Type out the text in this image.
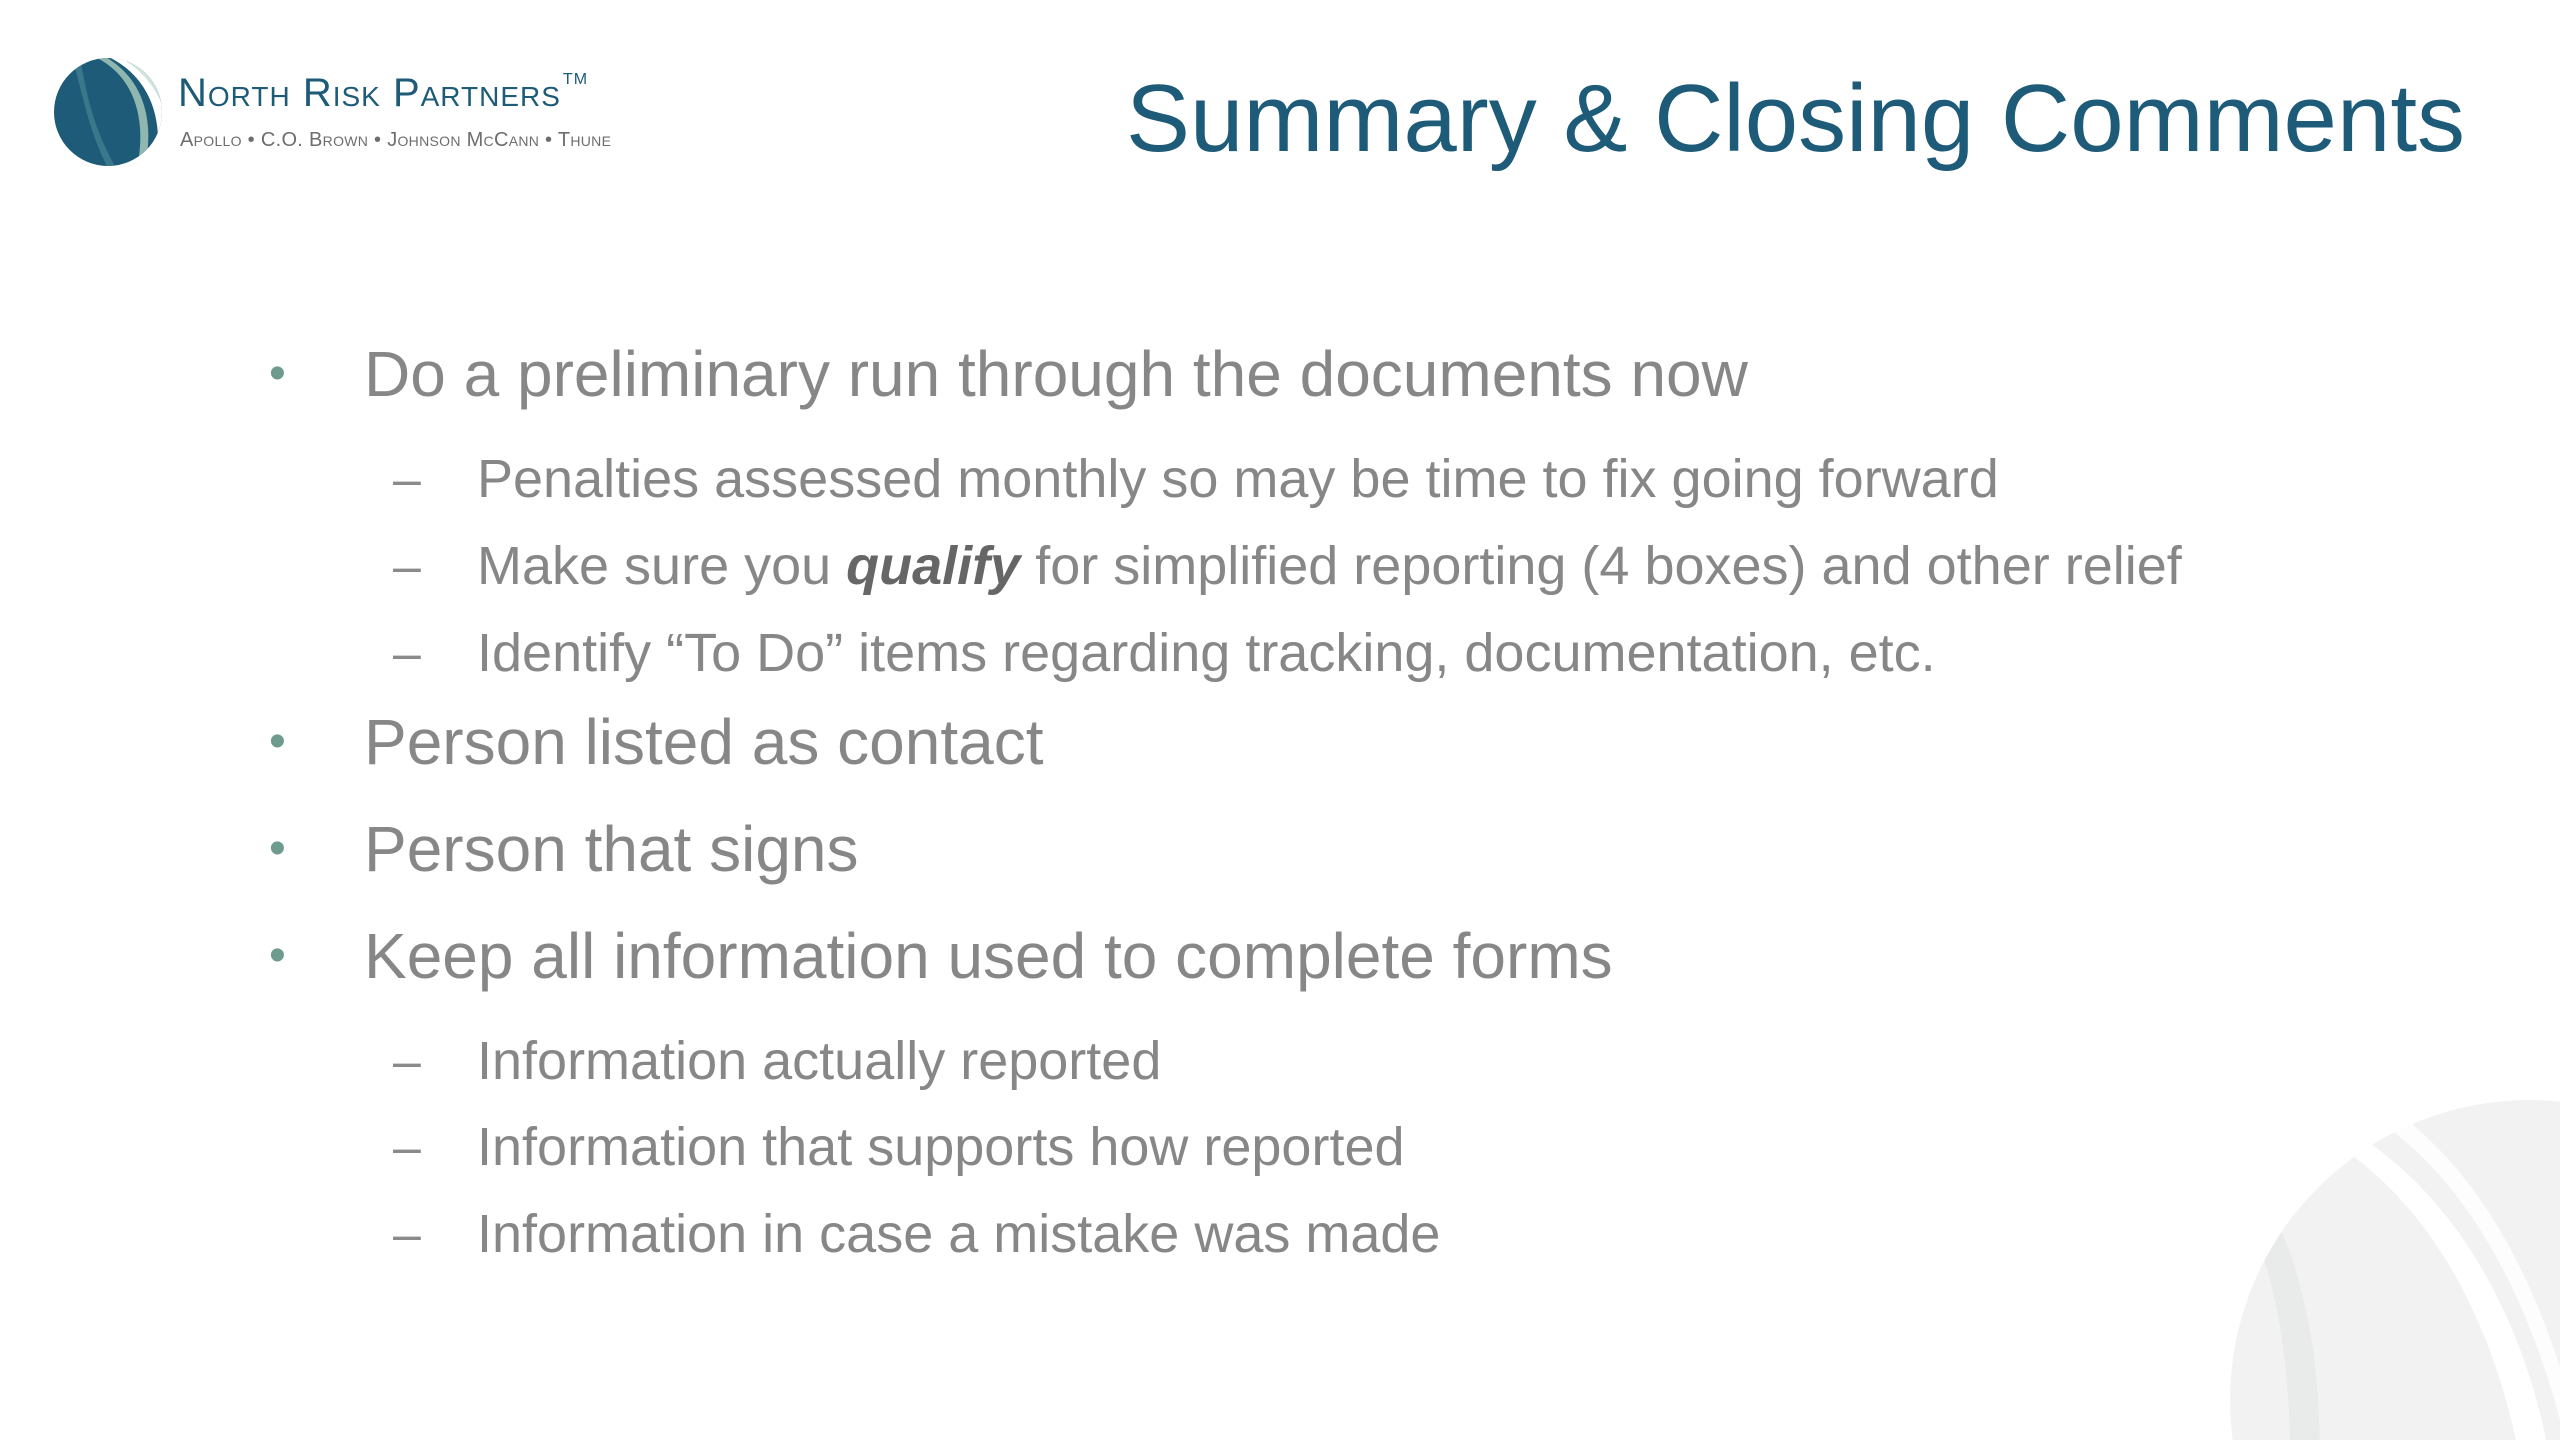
North Risk Partners ™
Apollo • C.O. Brown • Johnson McCann • Thune	Summary & Closing Comments
• Do a preliminary run through the documents now
– Penalties assessed monthly so may be time to fix going forward
– Make sure you qualify for simplified reporting (4 boxes) and other relief
– Identify “To Do” items regarding tracking, documentation, etc.
• Person listed as contact
• Person that signs
• Keep all information used to complete forms
– Information actually reported
– Information that supports how reported
– Information in case a mistake was made
